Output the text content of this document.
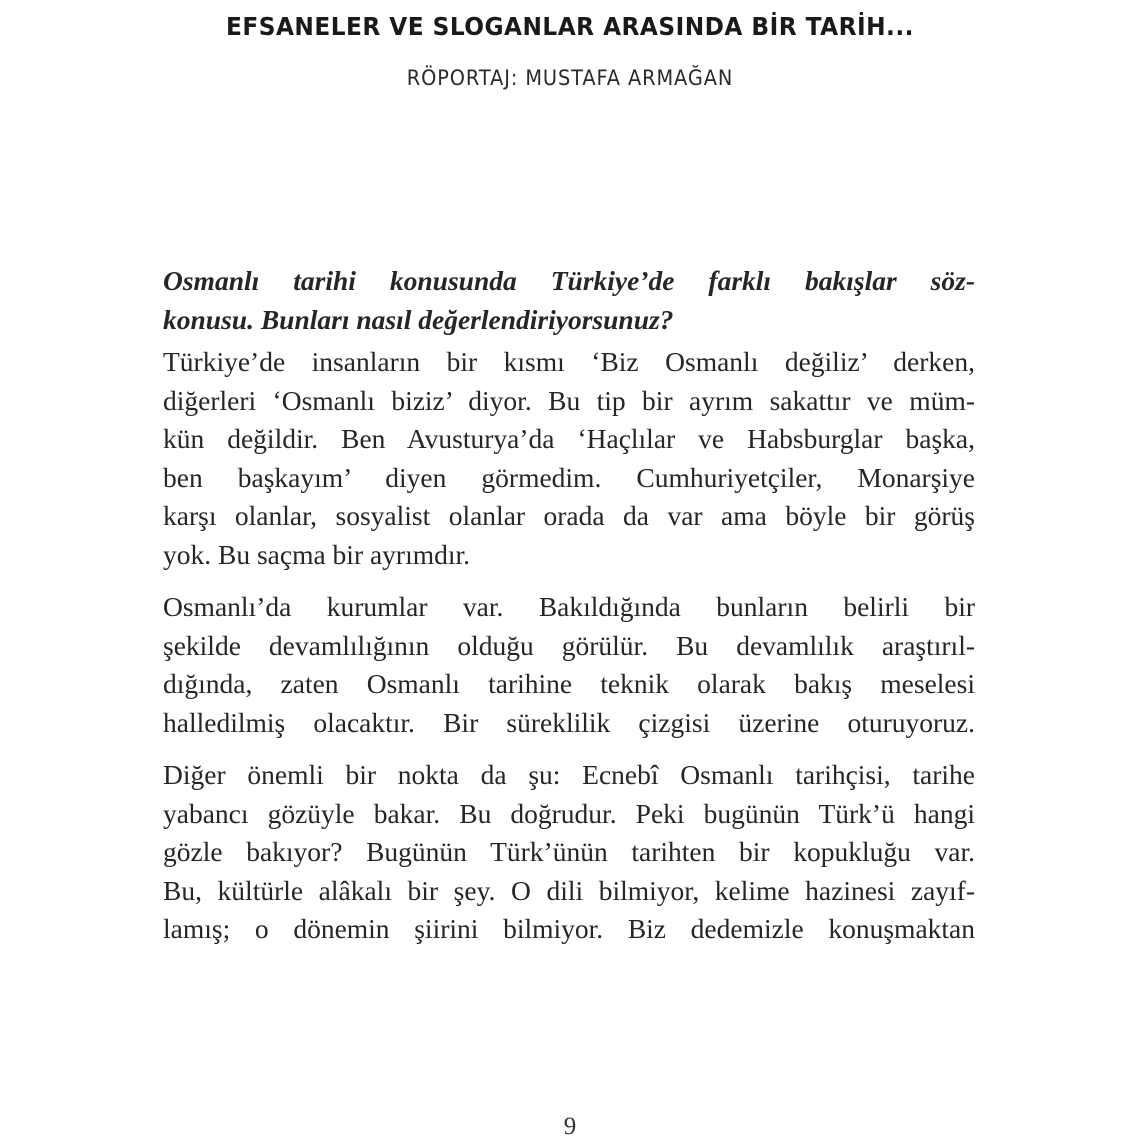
EFSANELER VE SLOGANLAR ARASINDA BİR TARİH...
RÖPORTAJ: MUSTAFA ARMAĞAN
Osmanlı tarihi konusunda Türkiye’de farklı bakışlar söz-
konusu. Bunları nasıl değerlendiriyorsunuz?
Türkiye’de insanların bir kısmı ‘Biz Osmanlı değiliz’ derken,
diğerleri ‘Osmanlı biziz’ diyor. Bu tip bir ayrım sakattır ve müm-
kün değildir. Ben Avusturya’da ‘Haçlılar ve Habsburglar başka,
ben başkayım’ diyen görmedim. Cumhuriyetçiler, Monarşiye
karşı olanlar, sosyalist olanlar orada da var ama böyle bir görüş
yok. Bu saçma bir ayrımdır.
Osmanlı’da kurumlar var. Bakıldığında bunların belirli bir
şekilde devamlılığının olduğu görülür. Bu devamlılık araştırıl-
dığında, zaten Osmanlı tarihine teknik olarak bakış meselesi
halledilmiş olacaktır. Bir süreklilik çizgisi üzerine oturuyoruz.
Diğer önemli bir nokta da şu: Ecnebî Osmanlı tarihçisi, tarihe
yabancı gözüyle bakar. Bu doğrudur. Peki bugünün Türk’ü hangi
gözle bakıyor? Bugünün Türk’ünün tarihten bir kopukluğu var.
Bu, kültürle alâkalı bir şey. O dili bilmiyor, kelime hazinesi zayıf-
lamış; o dönemin şiirini bilmiyor. Biz dedemizle konuşmaktan
9
